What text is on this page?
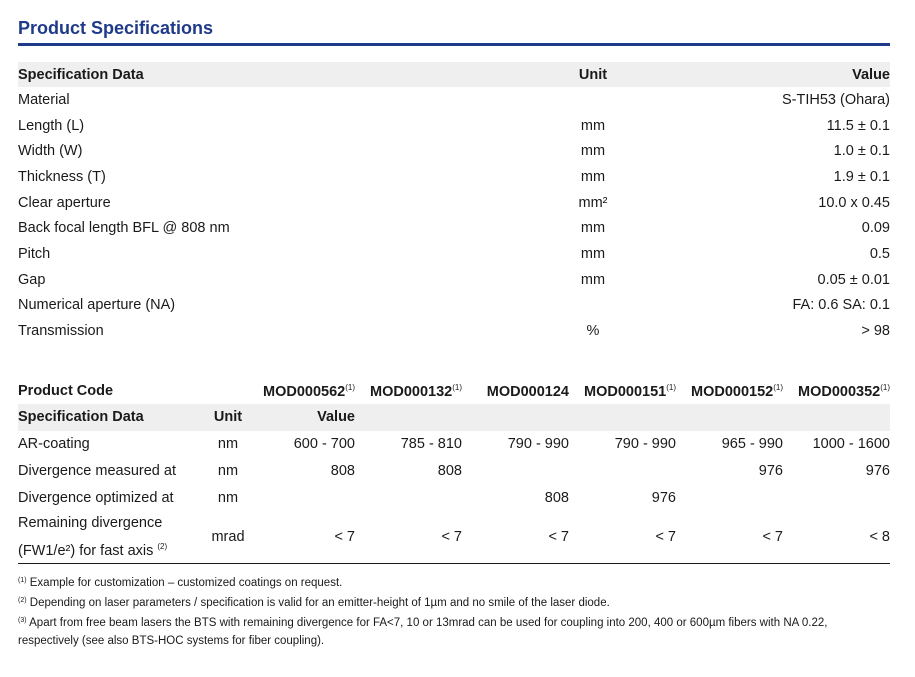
Product Specifications
Specification Data	Unit	Value
Material		S-TIH53 (Ohara)
Length (L)	mm	11.5 ± 0.1
Width (W)	mm	1.0 ± 0.1
Thickness (T)	mm	1.9 ± 0.1
Clear aperture	mm²	10.0 x 0.45
Back focal length BFL @ 808 nm	mm	0.09
Pitch	mm	0.5
Gap	mm	0.05 ± 0.01
Numerical aperture (NA)		FA: 0.6 SA: 0.1
Transmission	%	> 98
Product Code		MOD000562$^{(1)}$	MOD000132$^{(1)}$	MOD000124	MOD000151$^{(1)}$	MOD000152$^{(1)}$	MOD000352$^{(1)}$
Specification Data	Unit	Value					
AR-coating	nm	600 - 700	785 - 810	790 - 990	790 - 990	965 - 990	1000 - 1600
Divergence measured at	nm	808	808			976	976
Divergence optimized at	nm			808	976		
Remaining divergence
(FW1/e²) for fast axis $^{(2)}$	mrad	< 7	< 7	< 7	< 7	< 7	< 8
$^{(1)}$ Example for customization – customized coatings on request.
$^{(2)}$ Depending on laser parameters / specification is valid for an emitter-height of 1µm and no smile of the laser diode.
$^{(3)}$ Apart from free beam lasers the BTS with remaining divergence for FA<7, 10 or 13mrad can be used for coupling into 200, 400 or 600µm fibers with NA 0.22,
respectively (see also BTS-HOC systems for fiber coupling).
